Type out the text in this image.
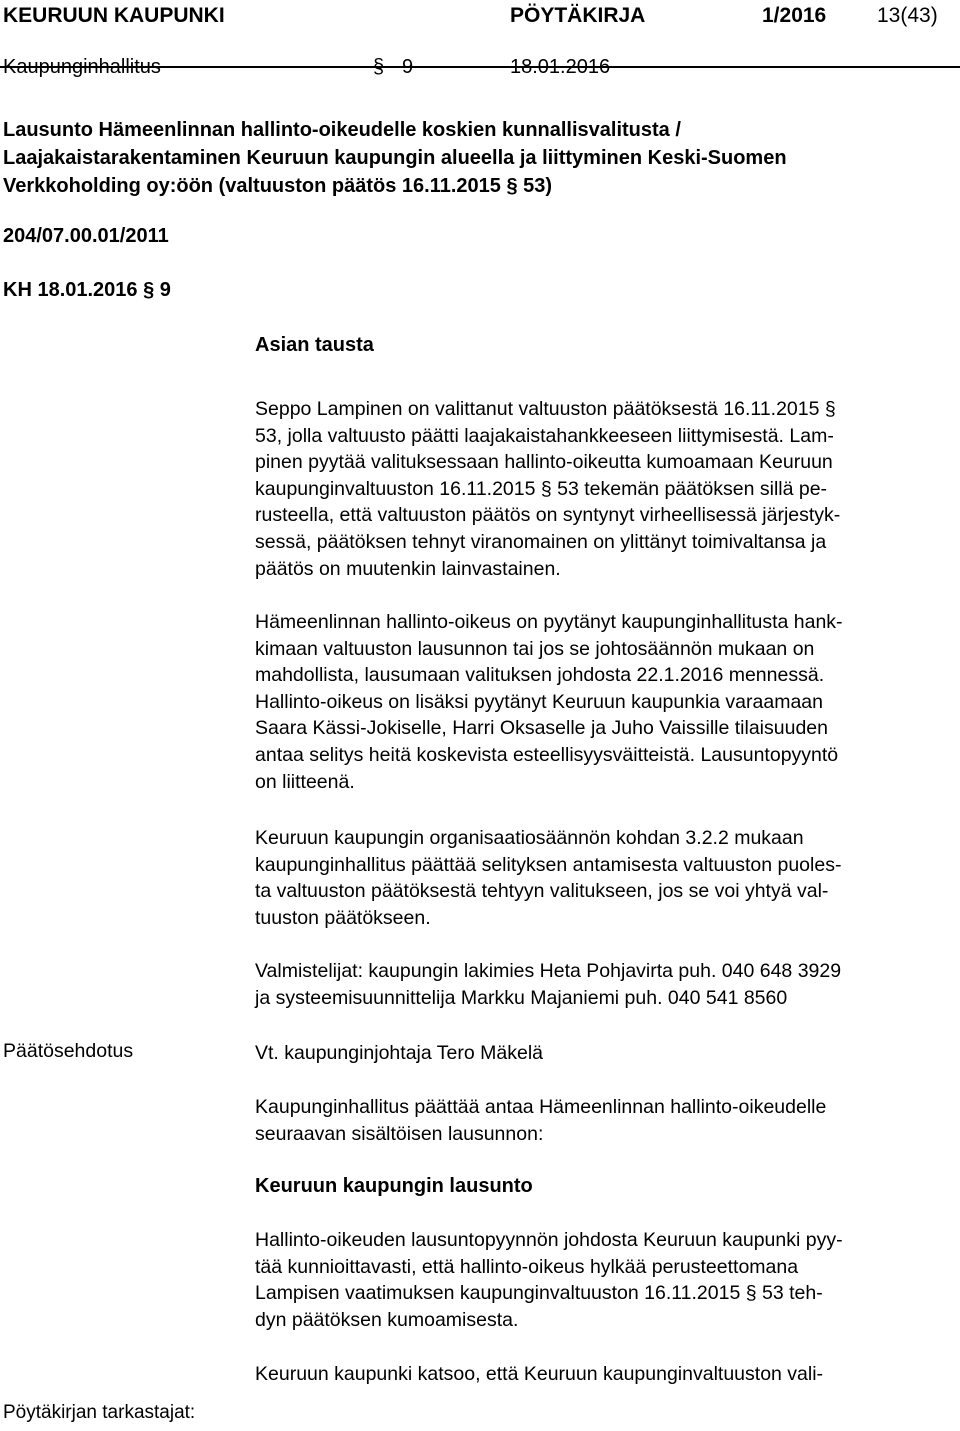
KEURUUN KAUPUNKI	PÖYTÄKIRJA	1/2016 13(43)
Kaupunginhallitus	§ 9	18.01.2016
Lausunto Hämeenlinnan hallinto-oikeudelle koskien kunnallisvalitusta /
Laajakaistarakentaminen Keuruun kaupungin alueella ja liittyminen Keski-Suomen
Verkkoholding oy:öön (valtuuston päätös 16.11.2015 § 53)
204/07.00.01/2011
KH 18.01.2016 § 9
Asian tausta
Seppo Lampinen on valittanut valtuuston päätöksestä 16.11.2015 §
53, jolla valtuusto päätti laajakaistahankkeeseen liittymisestä. Lam-
pinen pyytää valituksessaan hallinto-oikeutta kumoamaan Keuruun
kaupunginvaltuuston 16.11.2015 § 53 tekemän päätöksen sillä pe-
rusteella, että valtuuston päätös on syntynyt virheellisessä järjestyk-
sessä, päätöksen tehnyt viranomainen on ylittänyt toimivaltansa ja
päätös on muutenkin lainvastainen.
Hämeenlinnan hallinto-oikeus on pyytänyt kaupunginhallitusta hank-
kimaan valtuuston lausunnon tai jos se johtosäännön mukaan on
mahdollista, lausumaan valituksen johdosta 22.1.2016 mennessä.
Hallinto-oikeus on lisäksi pyytänyt Keuruun kaupunkia varaamaan
Saara Kässi-Jokiselle, Harri Oksaselle ja Juho Vaissille tilaisuuden
antaa selitys heitä koskevista esteellisyysväitteistä. Lausuntopyyntö
on liitteenä.
Keuruun kaupungin organisaatiosäännön kohdan 3.2.2 mukaan
kaupunginhallitus päättää selityksen antamisesta valtuuston puoles-
ta valtuuston päätöksestä tehtyyn valitukseen, jos se voi yhtyä val-
tuuston päätökseen.
Valmistelijat: kaupungin lakimies Heta Pohjavirta puh. 040 648 3929
ja systeemisuunnittelija Markku Majaniemi puh. 040 541 8560
Päätösehdotus	Vt. kaupunginjohtaja Tero Mäkelä
Kaupunginhallitus päättää antaa Hämeenlinnan hallinto-oikeudelle
seuraavan sisältöisen lausunnon:
Keuruun kaupungin lausunto
Hallinto-oikeuden lausuntopyynnön johdosta Keuruun kaupunki pyy-
tää kunnioittavasti, että hallinto-oikeus hylkää perusteettomana
Lampisen vaatimuksen kaupunginvaltuuston 16.11.2015 § 53 teh-
dyn päätöksen kumoamisesta.
Keuruun kaupunki katsoo, että Keuruun kaupunginvaltuuston vali-
Pöytäkirjan tarkastajat:
